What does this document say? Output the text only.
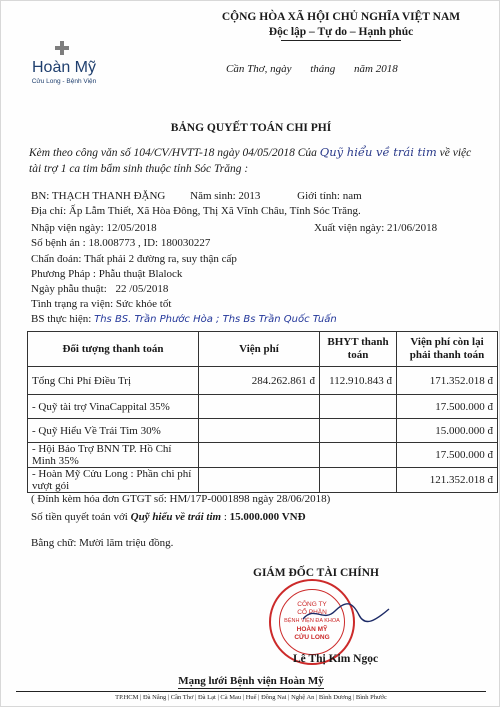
Hoàn Mỹ
Cửu Long - Bệnh Viện
CỘNG HÒA XÃ HỘI CHỦ NGHĨA VIỆT NAM
Độc lập – Tự do – Hạnh phúc
Cần Thơ, ngày tháng năm 2018
BẢNG QUYẾT TOÁN CHI PHÍ
Kèm theo công văn số 104/CV/HVTT-18 ngày 04/05/2018 Của Quỹ hiểu về trái tim về việc tài trợ 1 ca tim bẩm sinh thuộc tỉnh Sóc Trăng :
BN: THẠCH THANH ĐẶNG Năm sinh: 2013	Giới tính: nam
Địa chỉ: Ấp Lẫm Thiết, Xã Hòa Đông, Thị Xã Vĩnh Châu, Tỉnh Sóc Trăng.
Nhập viện ngày: 12/05/2018	Xuất viện ngày: 21/06/2018
Số bệnh án : 18.008773 , ID: 180030227
Chẩn đoán: Thất phải 2 đường ra, suy thận cấp
Phương Pháp : Phẫu thuật Blalock
Ngày phẫu thuật: 22 /05/2018
Tình trạng ra viện: Sức khỏe tốt
BS thực hiện: Ths BS. Trần Phước Hòa ; Ths Bs Trần Quốc Tuấn
Đối tượng thanh toán	Viện phí	BHYT thanh toán	Viện phí còn lại phải thanh toán
Tổng Chi Phí Điều Trị	284.262.861 đ	112.910.843 đ	171.352.018 đ
- Quỹ tài trợ VinaCappital 35%			17.500.000 đ
- Quỹ Hiểu Về Trái Tim 30%			15.000.000 đ
- Hội Bảo Trợ BNN TP. Hồ Chí Minh 35%			17.500.000 đ
- Hoàn Mỹ Cửu Long : Phần chi phí vượt gói			121.352.018 đ
( Đính kèm hóa đơn GTGT số: HM/17P-0001898 ngày 28/06/2018)
Số tiền quyết toán với Quỹ hiểu về trái tim : 15.000.000 VNĐ
Bằng chữ: Mười lăm triệu đồng.
GIÁM ĐỐC TÀI CHÍNH
CÔNG TY
CỔ PHẦN
BỆNH VIỆN ĐA KHOA
HOÀN MỸ
CỬU LONG
Lê Thị Kim Ngọc
Mạng lưới Bệnh viện Hoàn Mỹ
TP.HCM | Đà Nẵng | Cần Thơ | Đà Lạt | Cà Mau | Huế | Đồng Nai | Nghệ An | Bình Dương | Bình Phước
